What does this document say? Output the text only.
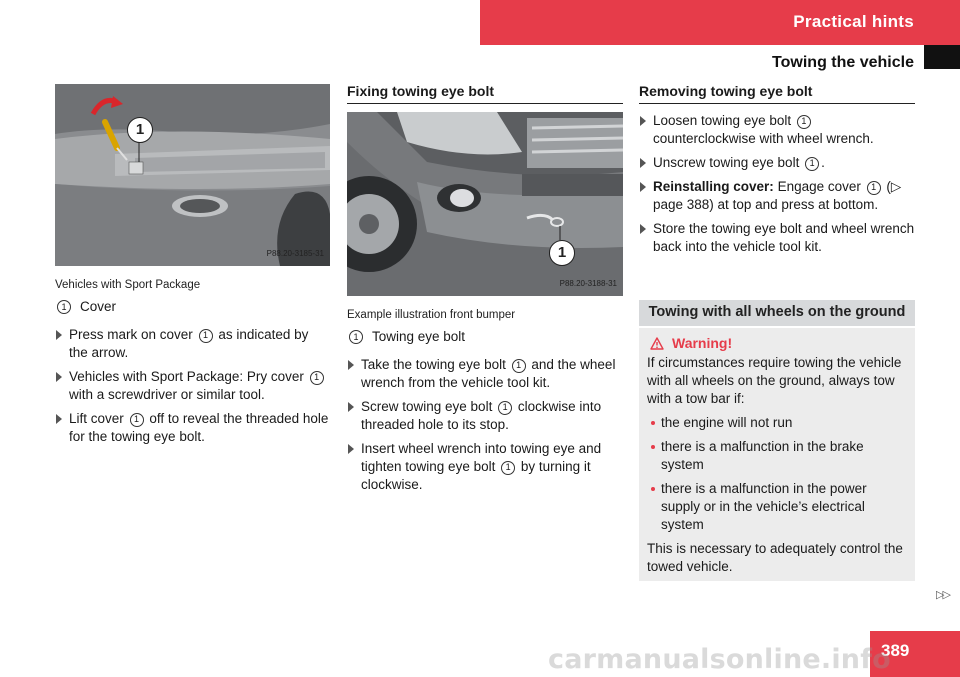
Practical hints
Towing the vehicle
1
P88.20-3185-31
Vehicles with Sport Package
1	Cover
Press mark on cover 1 as indicated by the arrow.
Vehicles with Sport Package: Pry cover 1 with a screwdriver or similar tool.
Lift cover 1 off to reveal the threaded hole for the towing eye bolt.
Fixing towing eye bolt
1
P88.20-3188-31
Example illustration front bumper
1	Towing eye bolt
Take the towing eye bolt 1 and the wheel wrench from the vehicle tool kit.
Screw towing eye bolt 1 clockwise into threaded hole to its stop.
Insert wheel wrench into towing eye and tighten towing eye bolt 1 by turning it clockwise.
Removing towing eye bolt
Loosen towing eye bolt 1 counterclockwise with wheel wrench.
Unscrew towing eye bolt 1 .
Reinstalling cover: Engage cover 1 (▷ page 388) at top and press at bottom.
Store the towing eye bolt and wheel wrench back into the vehicle tool kit.
Towing with all wheels on the ground
Warning!
If circumstances require towing the vehicle with all wheels on the ground, always tow with a tow bar if:
the engine will not run
there is a malfunction in the brake system
there is a malfunction in the power supply or in the vehicle’s electrical system
This is necessary to adequately control the towed vehicle.
▷▷
389
carmanualsonline.info
